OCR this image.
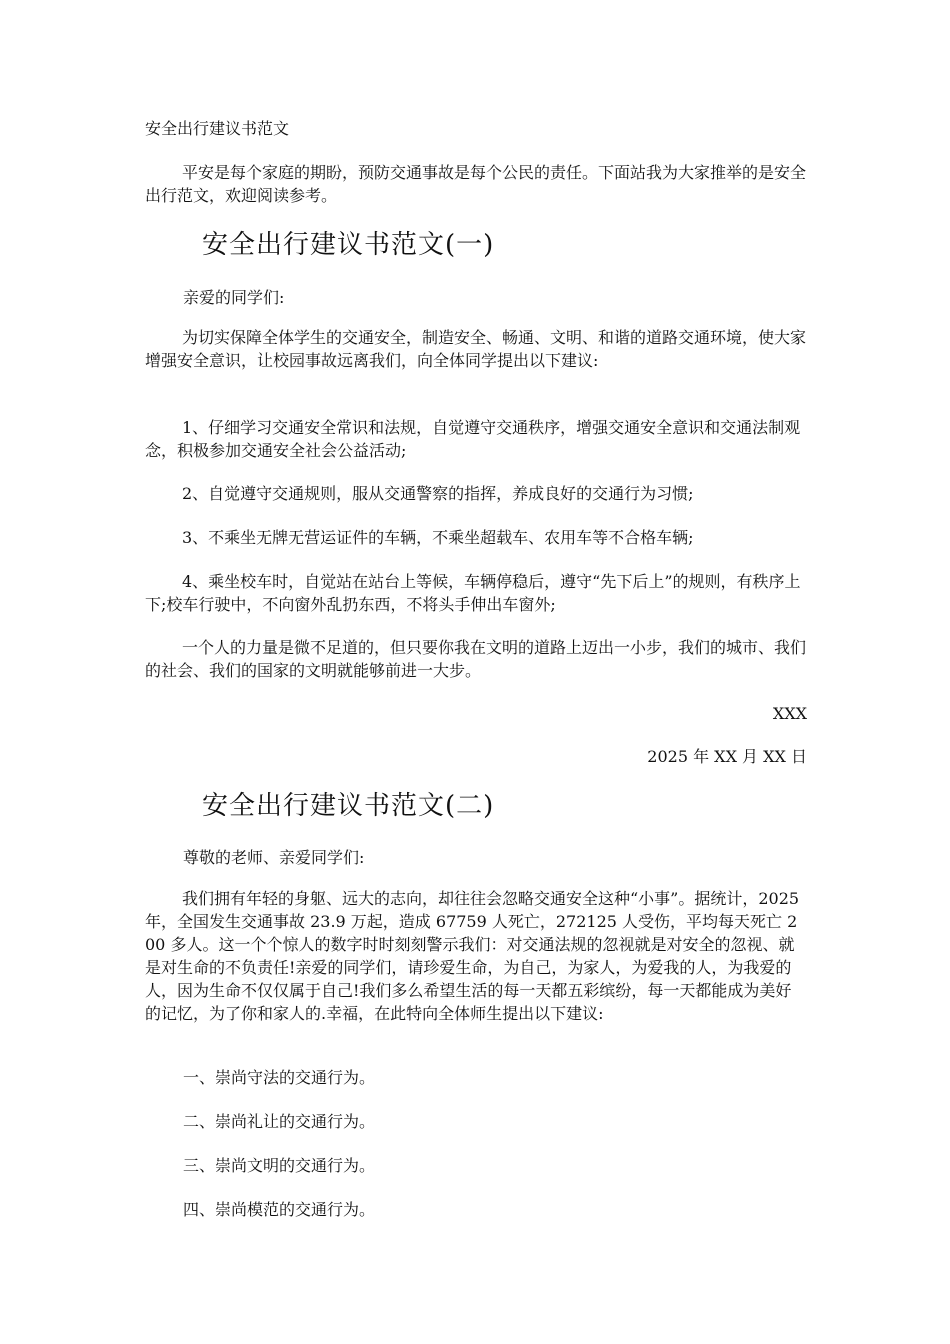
安全出行建议书范文
平安是每个家庭的期盼，预防交通事故是每个公民的责任。下面站我为大家推举的是安全出行范文，欢迎阅读参考。
安全出行建议书范文(一)
亲爱的同学们:
为切实保障全体学生的交通安全，制造安全、畅通、文明、和谐的道路交通环境，使大家增强安全意识，让校园事故远离我们，向全体同学提出以下建议:
1、仔细学习交通安全常识和法规，自觉遵守交通秩序，增强交通安全意识和交通法制观念，积极参加交通安全社会公益活动;
2、自觉遵守交通规则，服从交通警察的指挥，养成良好的交通行为习惯;
3、不乘坐无牌无营运证件的车辆，不乘坐超载车、农用车等不合格车辆;
4、乘坐校车时，自觉站在站台上等候，车辆停稳后，遵守“先下后上”的规则，有秩序上下;校车行驶中，不向窗外乱扔东西，不将头手伸出车窗外;
一个人的力量是微不足道的，但只要你我在文明的道路上迈出一小步，我们的城市、我们的社会、我们的国家的文明就能够前进一大步。
XXX
2025 年 XX 月 XX 日
安全出行建议书范文(二)
尊敬的老师、亲爱同学们:
我们拥有年轻的身躯、远大的志向，却往往会忽略交通安全这种“小事”。据统计，2025 年，全国发生交通事故 23.9 万起，造成 67759 人死亡，272125 人受伤，平均每天死亡 200 多人。这一个个惊人的数字时时刻刻警示我们：对交通法规的忽视就是对安全的忽视、就是对生命的不负责任!亲爱的同学们，请珍爱生命，为自己，为家人，为爱我的人，为我爱的人，因为生命不仅仅属于自己!我们多么希望生活的每一天都五彩缤纷，每一天都能成为美好的记忆，为了你和家人的.幸福，在此特向全体师生提出以下建议:
一、崇尚守法的交通行为。
二、崇尚礼让的交通行为。
三、崇尚文明的交通行为。
四、崇尚模范的交通行为。
